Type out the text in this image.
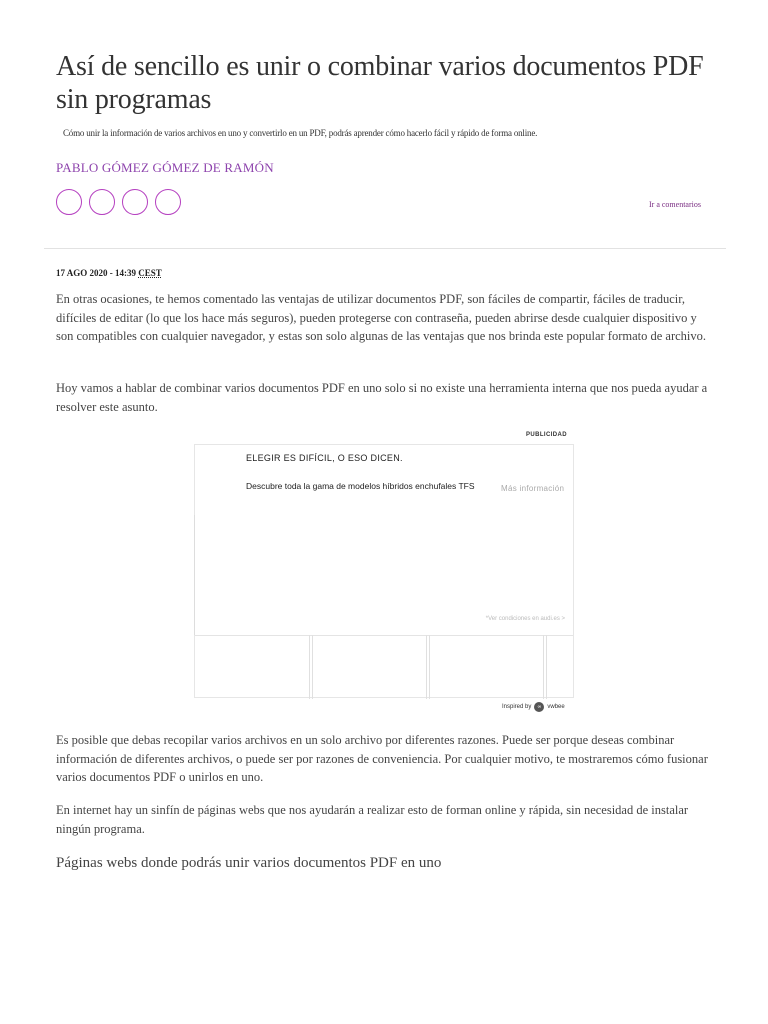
Así de sencillo es unir o combinar varios documentos PDF sin programas

Cómo unir la información de varios archivos en uno y convertirlo en un PDF, podrás aprender cómo hacerlo fácil y rápido de forma online.

PABLO GÓMEZ GÓMEZ DE RAMÓN
Ir a comentarios
17 AGO 2020 - 14:39 CEST

En otras ocasiones, te hemos comentado las ventajas de utilizar documentos PDF, son fáciles de compartir, fáciles de traducir, difíciles de editar (lo que los hace más seguros), pueden protegerse con contraseña, pueden abrirse desde cualquier dispositivo y son compatibles con cualquier navegador, y estas son solo algunas de las ventajas que nos brinda este popular formato de archivo.

Hoy vamos a hablar de combinar varios documentos PDF en uno solo si no existe una herramienta interna que nos pueda ayudar a resolver este asunto.

PUBLICIDAD
ELEGIR ES DIFÍCIL, O ESO DICEN.
Descubre toda la gama de modelos híbridos enchufales TFS	Más información
*Ver condiciones en audi.es >
Inspired by	∞	vwbee

Es posible que debas recopilar varios archivos en un solo archivo por diferentes razones. Puede ser porque deseas combinar información de diferentes archivos, o puede ser por razones de conveniencia. Por cualquier motivo, te mostraremos cómo fusionar varios documentos PDF o unirlos en uno.

En internet hay un sinfín de páginas webs que nos ayudarán a realizar esto de forman online y rápida, sin necesidad de instalar ningún programa.

Páginas webs donde podrás unir varios documentos PDF en uno
